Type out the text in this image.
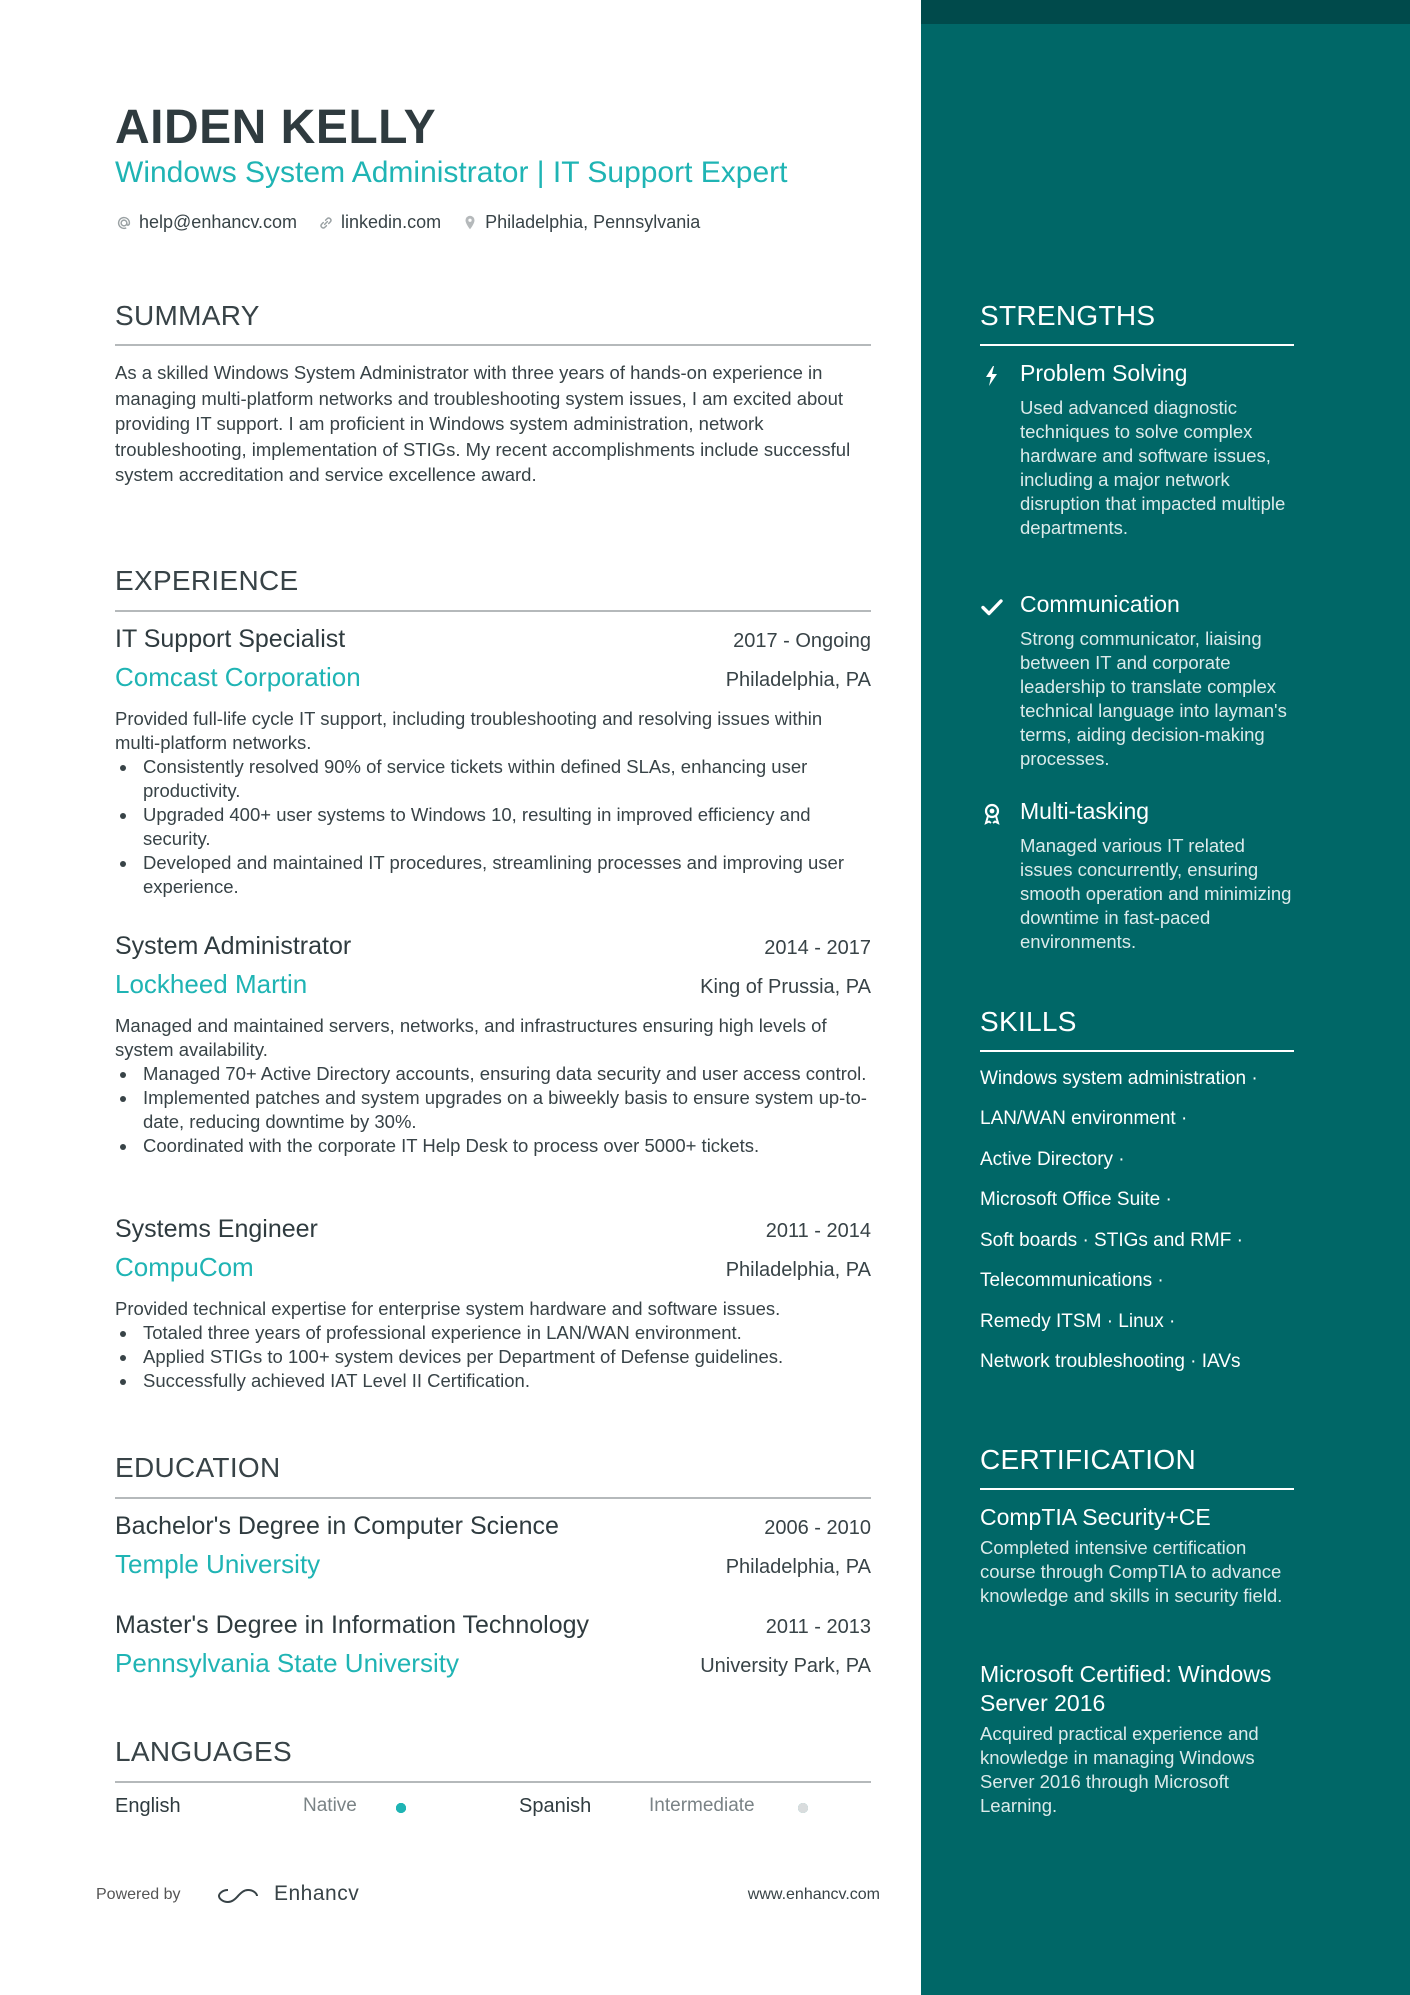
AIDEN KELLY
Windows System Administrator | IT Support Expert
help@enhancv.com linkedin.com Philadelphia, Pennsylvania
SUMMARY
As a skilled Windows System Administrator with three years of hands-on experience in managing multi-platform networks and troubleshooting system issues, I am excited about providing IT support. I am proficient in Windows system administration, network troubleshooting, implementation of STIGs. My recent accomplishments include successful system accreditation and service excellence award.
EXPERIENCE
IT Support Specialist	2017 - Ongoing
Comcast Corporation	Philadelphia, PA
Provided full-life cycle IT support, including troubleshooting and resolving issues within multi-platform networks.
Consistently resolved 90% of service tickets within defined SLAs, enhancing user productivity.
Upgraded 400+ user systems to Windows 10, resulting in improved efficiency and security.
Developed and maintained IT procedures, streamlining processes and improving user experience.
System Administrator	2014 - 2017
Lockheed Martin	King of Prussia, PA
Managed and maintained servers, networks, and infrastructures ensuring high levels of system availability.
Managed 70+ Active Directory accounts, ensuring data security and user access control.
Implemented patches and system upgrades on a biweekly basis to ensure system up-to-date, reducing downtime by 30%.
Coordinated with the corporate IT Help Desk to process over 5000+ tickets.
Systems Engineer	2011 - 2014
CompuCom	Philadelphia, PA
Provided technical expertise for enterprise system hardware and software issues.
Totaled three years of professional experience in LAN/WAN environment.
Applied STIGs to 100+ system devices per Department of Defense guidelines.
Successfully achieved IAT Level II Certification.
EDUCATION
Bachelor's Degree in Computer Science	2006 - 2010
Temple University	Philadelphia, PA
Master's Degree in Information Technology	2011 - 2013
Pennsylvania State University	University Park, PA
LANGUAGES
English	Native	Spanish	Intermediate
Powered by	Enhancv	www.enhancv.com
STRENGTHS
Problem Solving
Used advanced diagnostic techniques to solve complex hardware and software issues, including a major network disruption that impacted multiple departments.
Communication
Strong communicator, liaising between IT and corporate leadership to translate complex technical language into layman's terms, aiding decision-making processes.
Multi-tasking
Managed various IT related issues concurrently, ensuring smooth operation and minimizing downtime in fast-paced environments.
SKILLS
Windows system administration ·
LAN/WAN environment ·
Active Directory ·
Microsoft Office Suite ·
Soft boards · STIGs and RMF ·
Telecommunications ·
Remedy ITSM · Linux ·
Network troubleshooting · IAVs
CERTIFICATION
CompTIA Security+CE
Completed intensive certification course through CompTIA to advance knowledge and skills in security field.
Microsoft Certified: Windows Server 2016
Acquired practical experience and knowledge in managing Windows Server 2016 through Microsoft Learning.
